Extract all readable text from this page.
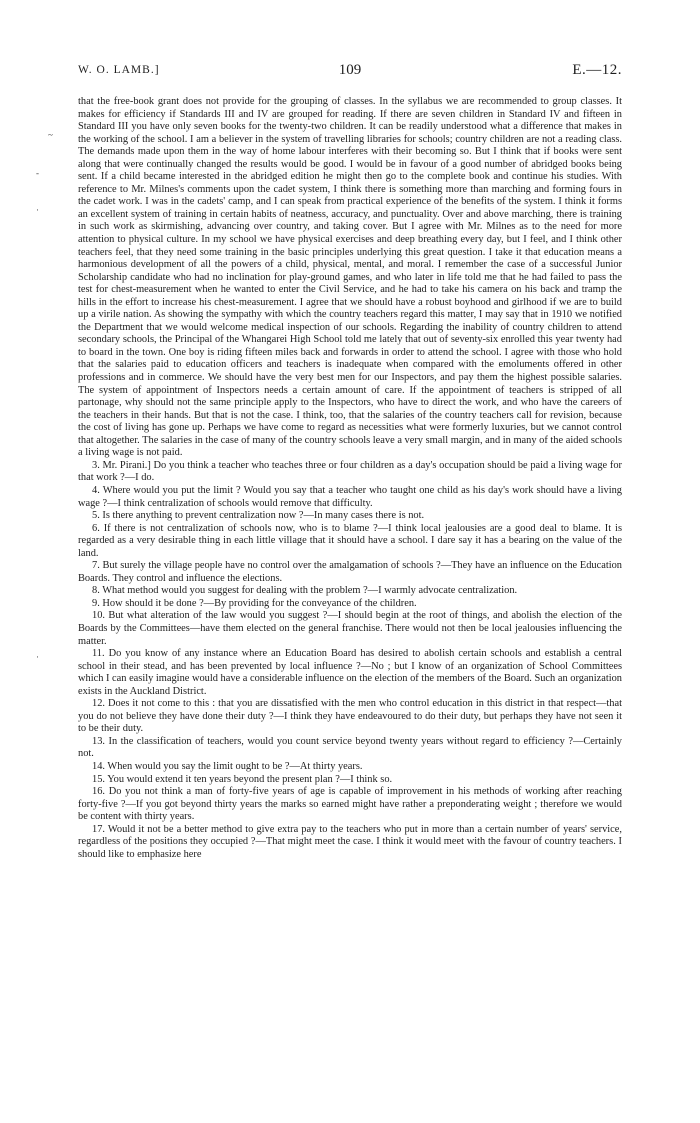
W. O. LAMB.]	109	E.—12.
~
-
·
·

that the free-book grant does not provide for the grouping of classes. In the syllabus we are recommended to group classes. It makes for efficiency if Standards III and IV are grouped for reading. If there are seven children in Standard IV and fifteen in Standard III you have only seven books for the twenty-two children. It can be readily understood what a difference that makes in the working of the school. I am a believer in the system of travelling libraries for schools; country children are not a reading class. The demands made upon them in the way of home labour interferes with their becoming so. But I think that if books were sent along that were continually changed the results would be good. I would be in favour of a good number of abridged books being sent. If a child became interested in the abridged edition he might then go to the complete book and continue his studies. With reference to Mr. Milnes's comments upon the cadet system, I think there is something more than marching and forming fours in the cadet work. I was in the cadets' camp, and I can speak from practical experience of the benefits of the system. I think it forms an excellent system of training in certain habits of neatness, accuracy, and punctuality. Over and above marching, there is training in such work as skirmishing, advancing over country, and taking cover. But I agree with Mr. Milnes as to the need for more attention to physical culture. In my school we have physical exercises and deep breathing every day, but I feel, and I think other teachers feel, that they need some training in the basic principles underlying this great question. I take it that education means a harmonious development of all the powers of a child, physical, mental, and moral. I remember the case of a successful Junior Scholarship candidate who had no inclination for play-ground games, and who later in life told me that he had failed to pass the test for chest-measurement when he wanted to enter the Civil Service, and he had to take his camera on his back and tramp the hills in the effort to increase his chest-measurement. I agree that we should have a robust boyhood and girlhood if we are to build up a virile nation. As showing the sympathy with which the country teachers regard this matter, I may say that in 1910 we notified the Department that we would welcome medical inspection of our schools. Regarding the inability of country children to attend secondary schools, the Principal of the Whangarei High School told me lately that out of seventy-six enrolled this year twenty had to board in the town. One boy is riding fifteen miles back and forwards in order to attend the school. I agree with those who hold that the salaries paid to education officers and teachers is inadequate when compared with the emoluments offered in other professions and in commerce. We should have the very best men for our Inspectors, and pay them the highest possible salaries. The system of appointment of Inspectors needs a certain amount of care. If the appointment of teachers is stripped of all partonage, why should not the same principle apply to the Inspectors, who have to direct the work, and who have the careers of the teachers in their hands. But that is not the case. I think, too, that the salaries of the country teachers call for revision, because the cost of living has gone up. Perhaps we have come to regard as necessities what were formerly luxuries, but we cannot control that altogether. The salaries in the case of many of the country schools leave a very small margin, and in many of the aided schools a living wage is not paid.

3. Mr. Pirani.] Do you think a teacher who teaches three or four children as a day's occupation should be paid a living wage for that work ?—I do.

4. Where would you put the limit ? Would you say that a teacher who taught one child as his day's work should have a living wage ?—I think centralization of schools would remove that difficulty.

5. Is there anything to prevent centralization now ?—In many cases there is not.

6. If there is not centralization of schools now, who is to blame ?—I think local jealousies are a good deal to blame. It is regarded as a very desirable thing in each little village that it should have a school. I dare say it has a bearing on the value of the land.

7. But surely the village people have no control over the amalgamation of schools ?—They have an influence on the Education Boards. They control and influence the elections.

8. What method would you suggest for dealing with the problem ?—I warmly advocate centralization.

9. How should it be done ?—By providing for the conveyance of the children.

10. But what alteration of the law would you suggest ?—I should begin at the root of things, and abolish the election of the Boards by the Committees—have them elected on the general franchise. There would not then be local jealousies influencing the matter.

11. Do you know of any instance where an Education Board has desired to abolish certain schools and establish a central school in their stead, and has been prevented by local influence ?—No ; but I know of an organization of School Committees which I can easily imagine would have a considerable influence on the election of the members of the Board. Such an organization exists in the Auckland District.

12. Does it not come to this : that you are dissatisfied with the men who control education in this district in that respect—that you do not believe they have done their duty ?—I think they have endeavoured to do their duty, but perhaps they have not seen it to be their duty.

13. In the classification of teachers, would you count service beyond twenty years without regard to efficiency ?—Certainly not.

14. When would you say the limit ought to be ?—At thirty years.

15. You would extend it ten years beyond the present plan ?—I think so.

16. Do you not think a man of forty-five years of age is capable of improvement in his methods of working after reaching forty-five ?—If you got beyond thirty years the marks so earned might have rather a preponderating weight ; therefore we would be content with thirty years.

17. Would it not be a better method to give extra pay to the teachers who put in more than a certain number of years' service, regardless of the positions they occupied ?—That might meet the case. I think it would meet with the favour of country teachers. I should like to emphasize here
